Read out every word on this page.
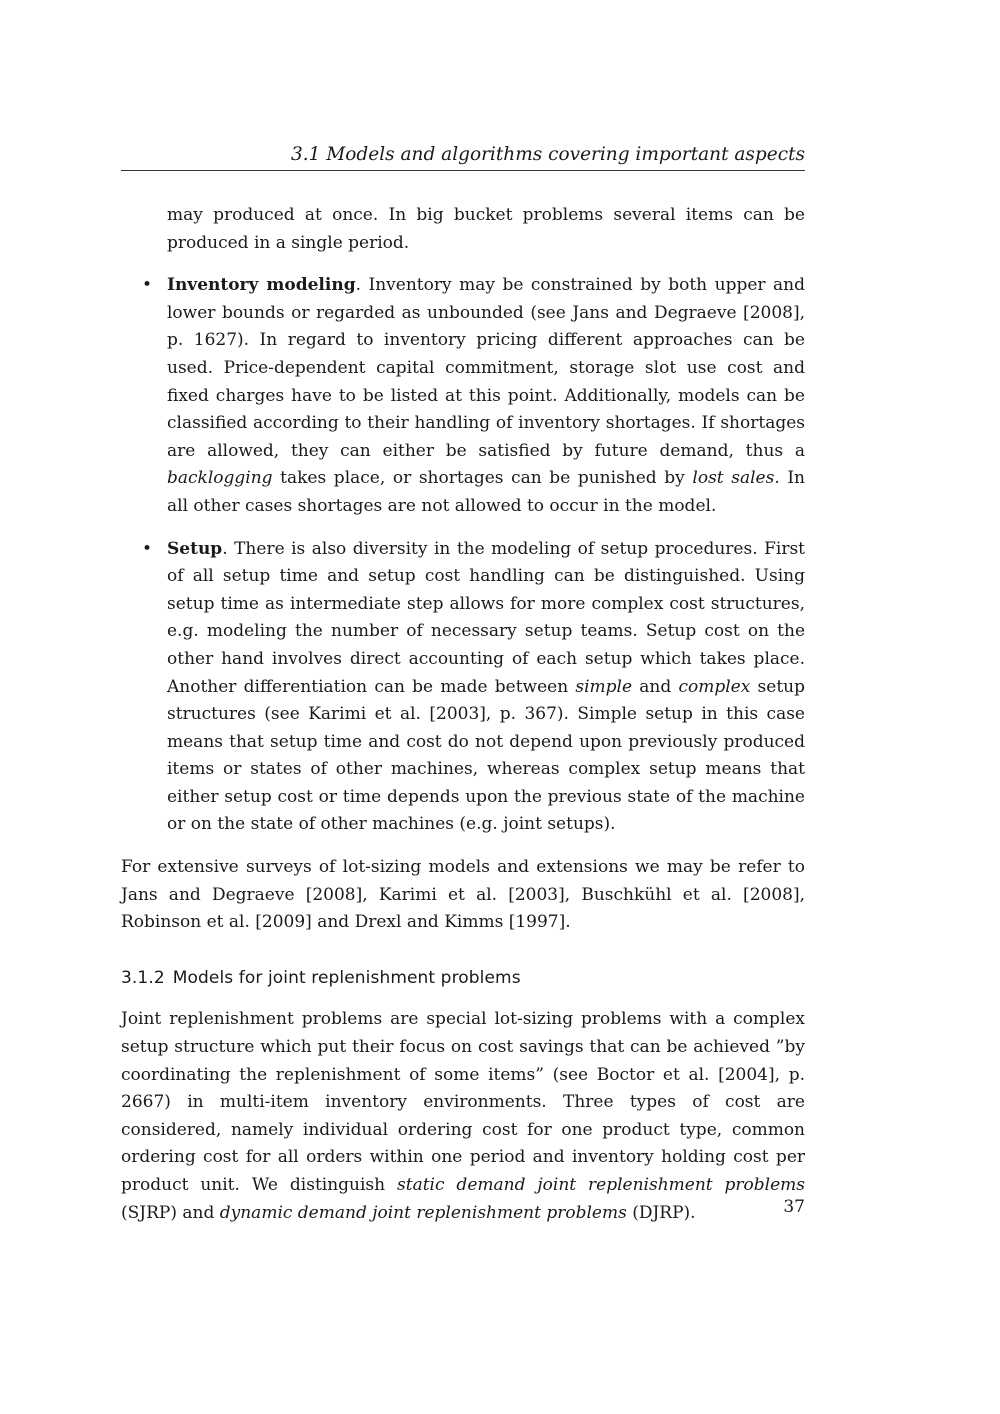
3.1 Models and algorithms covering important aspects
may produced at once. In big bucket problems several items can be produced in a single period.
• Inventory modeling. Inventory may be constrained by both upper and lower bounds or regarded as unbounded (see Jans and Degraeve [2008], p. 1627). In regard to inventory pricing different approaches can be used. Price-dependent capital commitment, storage slot use cost and fixed charges have to be listed at this point. Additionally, models can be classified according to their handling of inventory shortages. If shortages are allowed, they can either be satisfied by future demand, thus a backlogging takes place, or shortages can be punished by lost sales. In all other cases shortages are not allowed to occur in the model.
• Setup. There is also diversity in the modeling of setup procedures. First of all setup time and setup cost handling can be distinguished. Using setup time as intermediate step allows for more complex cost structures, e.g. modeling the number of necessary setup teams. Setup cost on the other hand involves direct accounting of each setup which takes place. Another differentiation can be made between simple and complex setup structures (see Karimi et al. [2003], p. 367). Simple setup in this case means that setup time and cost do not depend upon previously produced items or states of other machines, whereas complex setup means that either setup cost or time depends upon the previous state of the machine or on the state of other machines (e.g. joint setups).
For extensive surveys of lot-sizing models and extensions we may be refer to Jans and Degraeve [2008], Karimi et al. [2003], Buschkühl et al. [2008], Robinson et al. [2009] and Drexl and Kimms [1997].
3.1.2 Models for joint replenishment problems
Joint replenishment problems are special lot-sizing problems with a complex setup structure which put their focus on cost savings that can be achieved ”by coordinating the replenishment of some items” (see Boctor et al. [2004], p. 2667) in multi-item inventory environments. Three types of cost are considered, namely individual ordering cost for one product type, common ordering cost for all orders within one period and inventory holding cost per product unit. We distinguish static demand joint replenishment problems (SJRP) and dynamic demand joint replenishment problems (DJRP).	37
